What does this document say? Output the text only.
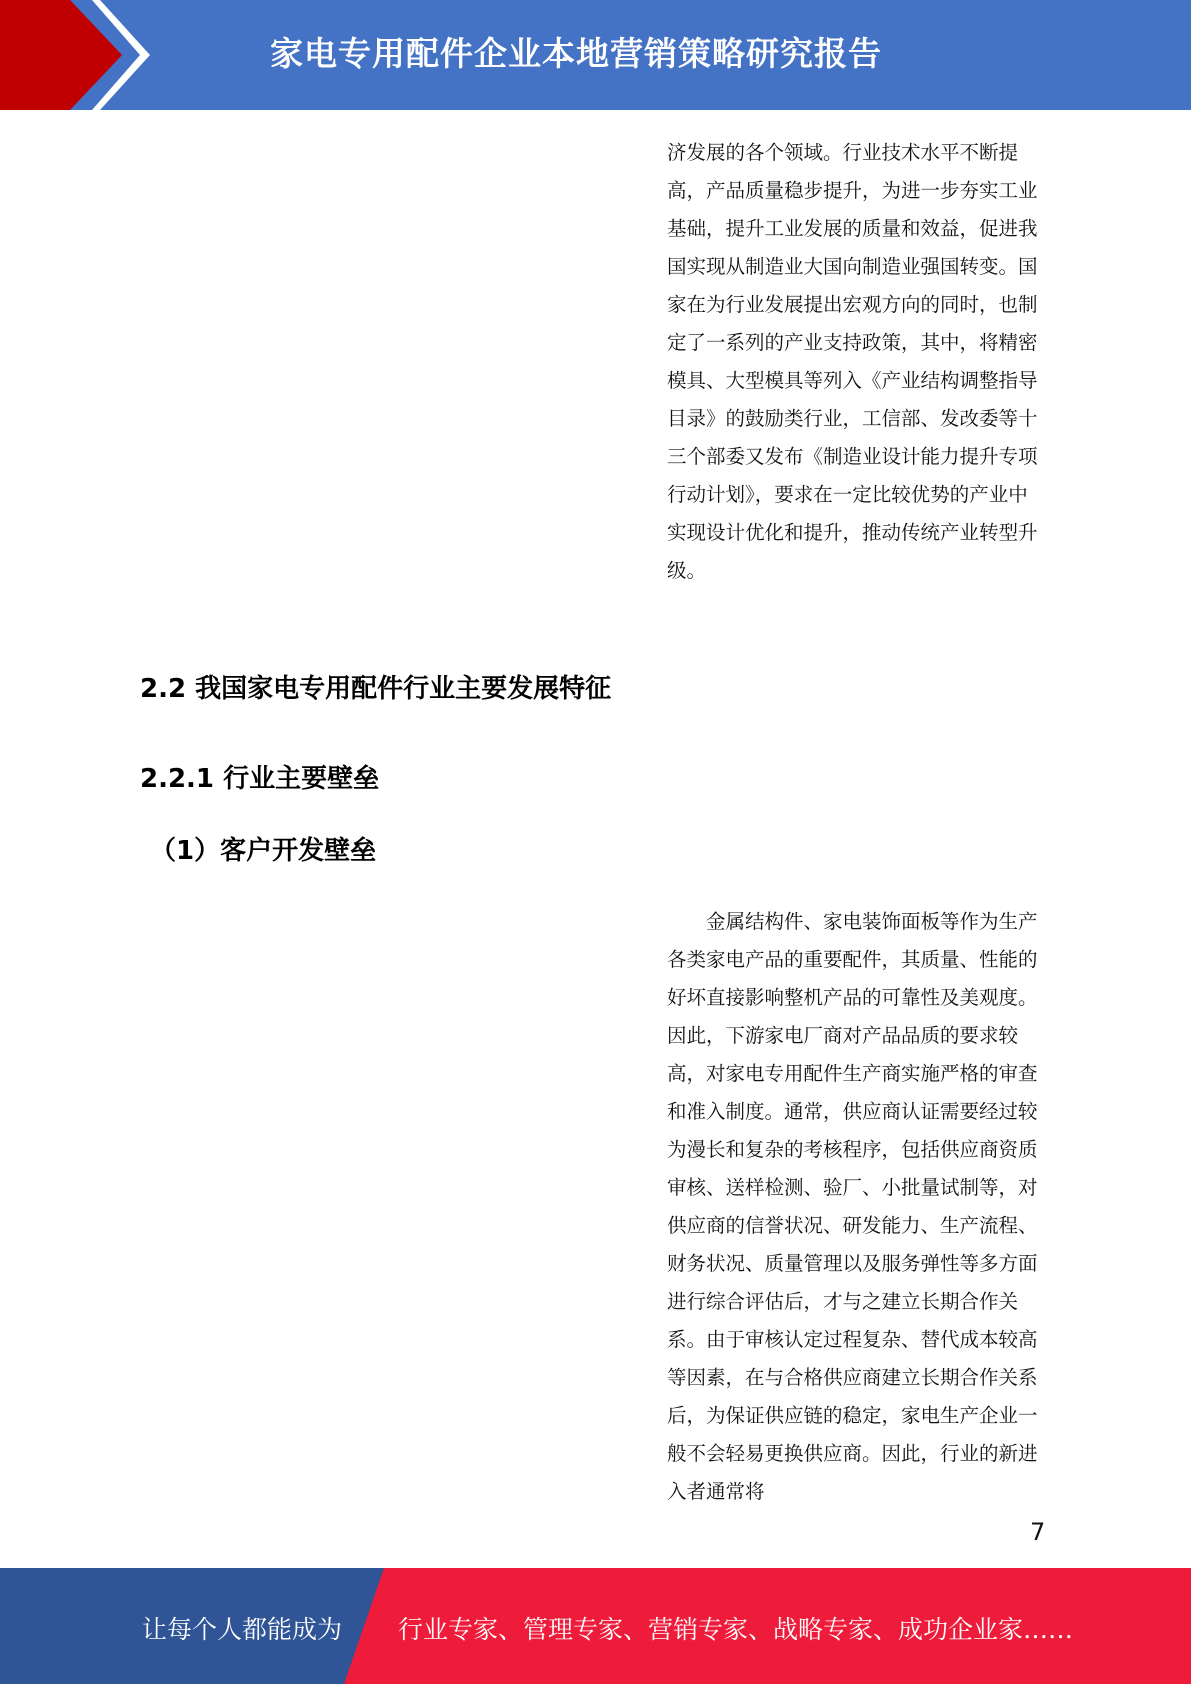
家电专用配件企业本地营销策略研究报告

济发展的各个领域。行业技术水平不断提高，产品质量稳步提升，为进一步夯实工业基础，提升工业发展的质量和效益，促进我国实现从制造业大国向制造业强国转变。国家在为行业发展提出宏观方向的同时，也制定了一系列的产业支持政策，其中，将精密模具、大型模具等列入《产业结构调整指导目录》的鼓励类行业，工信部、发改委等十三个部委又发布《制造业设计能力提升专项行动计划》，要求在一定比较优势的产业中实现设计优化和提升，推动传统产业转型升级。

2.2 我国家电专用配件行业主要发展特征
2.2.1 行业主要壁垒
（1）客户开发壁垒

金属结构件、家电装饰面板等作为生产各类家电产品的重要配件，其质量、性能的好坏直接影响整机产品的可靠性及美观度。因此，下游家电厂商对产品品质的要求较高，对家电专用配件生产商实施严格的审查和准入制度。通常，供应商认证需要经过较为漫长和复杂的考核程序，包括供应商资质审核、送样检测、验厂、小批量试制等，对供应商的信誉状况、研发能力、生产流程、财务状况、质量管理以及服务弹性等多方面进行综合评估后，才与之建立长期合作关系。由于审核认定过程复杂、替代成本较高等因素，在与合格供应商建立长期合作关系后，为保证供应链的稳定，家电生产企业一般不会轻易更换供应商。因此，行业的新进入者通常将

7
让每个人都能成为 行业专家、管理专家、营销专家、战略专家、成功企业家……
